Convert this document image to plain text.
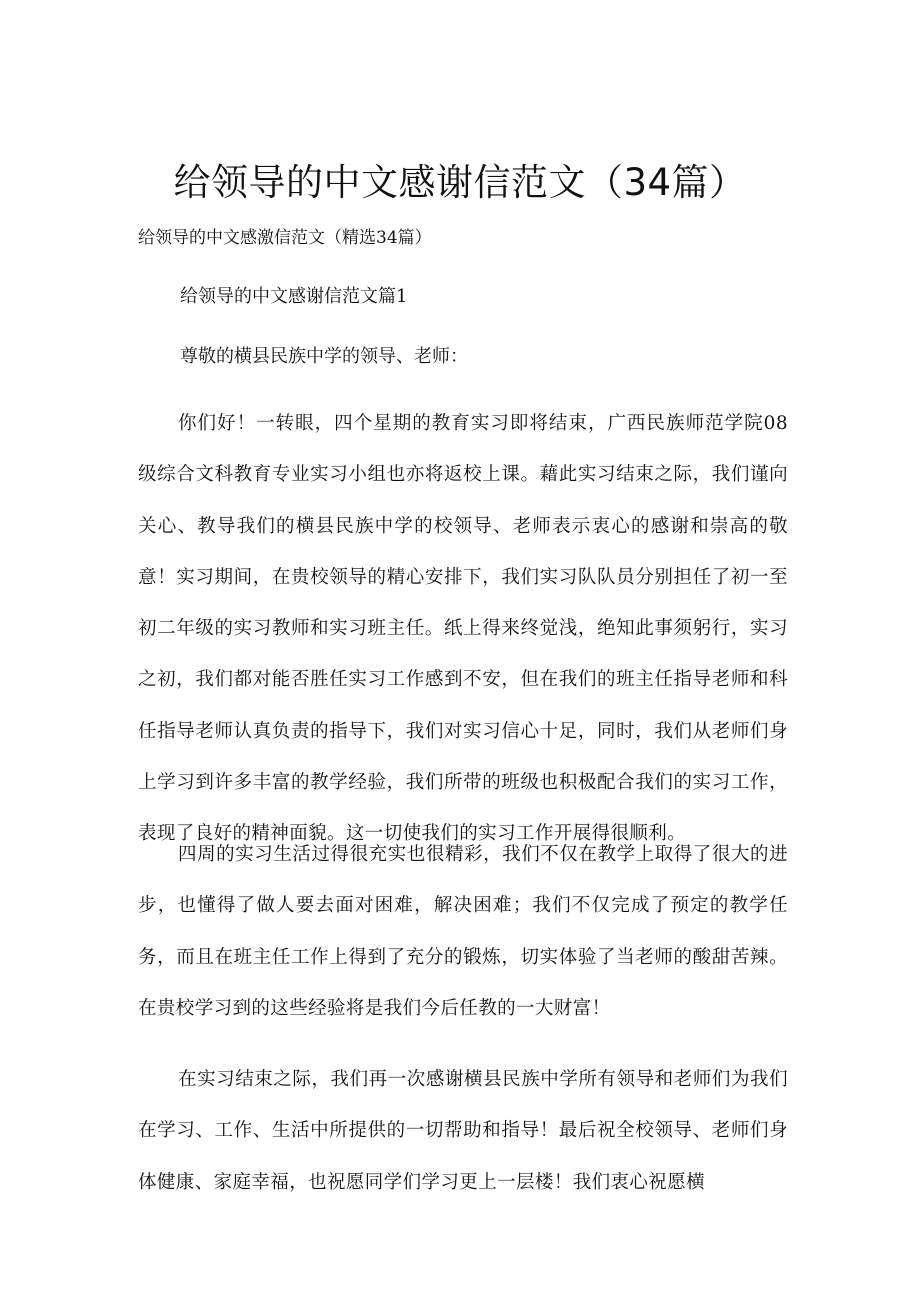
给领导的中文感谢信范文（34篇）

给领导的中文感激信范文（精选34篇）

给领导的中文感谢信范文篇1

尊敬的横县民族中学的领导、老师：

你们好！一转眼，四个星期的教育实习即将结束，广西民族师范学院08级综合文科教育专业实习小组也亦将返校上课。藉此实习结束之际，我们谨向关心、教导我们的横县民族中学的校领导、老师表示衷心的感谢和崇高的敬意！实习期间，在贵校领导的精心安排下，我们实习队队员分别担任了初一至初二年级的实习教师和实习班主任。纸上得来终觉浅，绝知此事须躬行，实习之初，我们都对能否胜任实习工作感到不安，但在我们的班主任指导老师和科任指导老师认真负责的指导下，我们对实习信心十足，同时，我们从老师们身上学习到许多丰富的教学经验，我们所带的班级也积极配合我们的实习工作，表现了良好的精神面貌。这一切使我们的实习工作开展得很顺利。

四周的实习生活过得很充实也很精彩，我们不仅在教学上取得了很大的进步，也懂得了做人要去面对困难，解决困难；我们不仅完成了预定的教学任务，而且在班主任工作上得到了充分的锻炼，切实体验了当老师的酸甜苦辣。在贵校学习到的这些经验将是我们今后任教的一大财富！

在实习结束之际，我们再一次感谢横县民族中学所有领导和老师们为我们在学习、工作、生活中所提供的一切帮助和指导！最后祝全校领导、老师们身体健康、家庭幸福，也祝愿同学们学习更上一层楼！我们衷心祝愿横
